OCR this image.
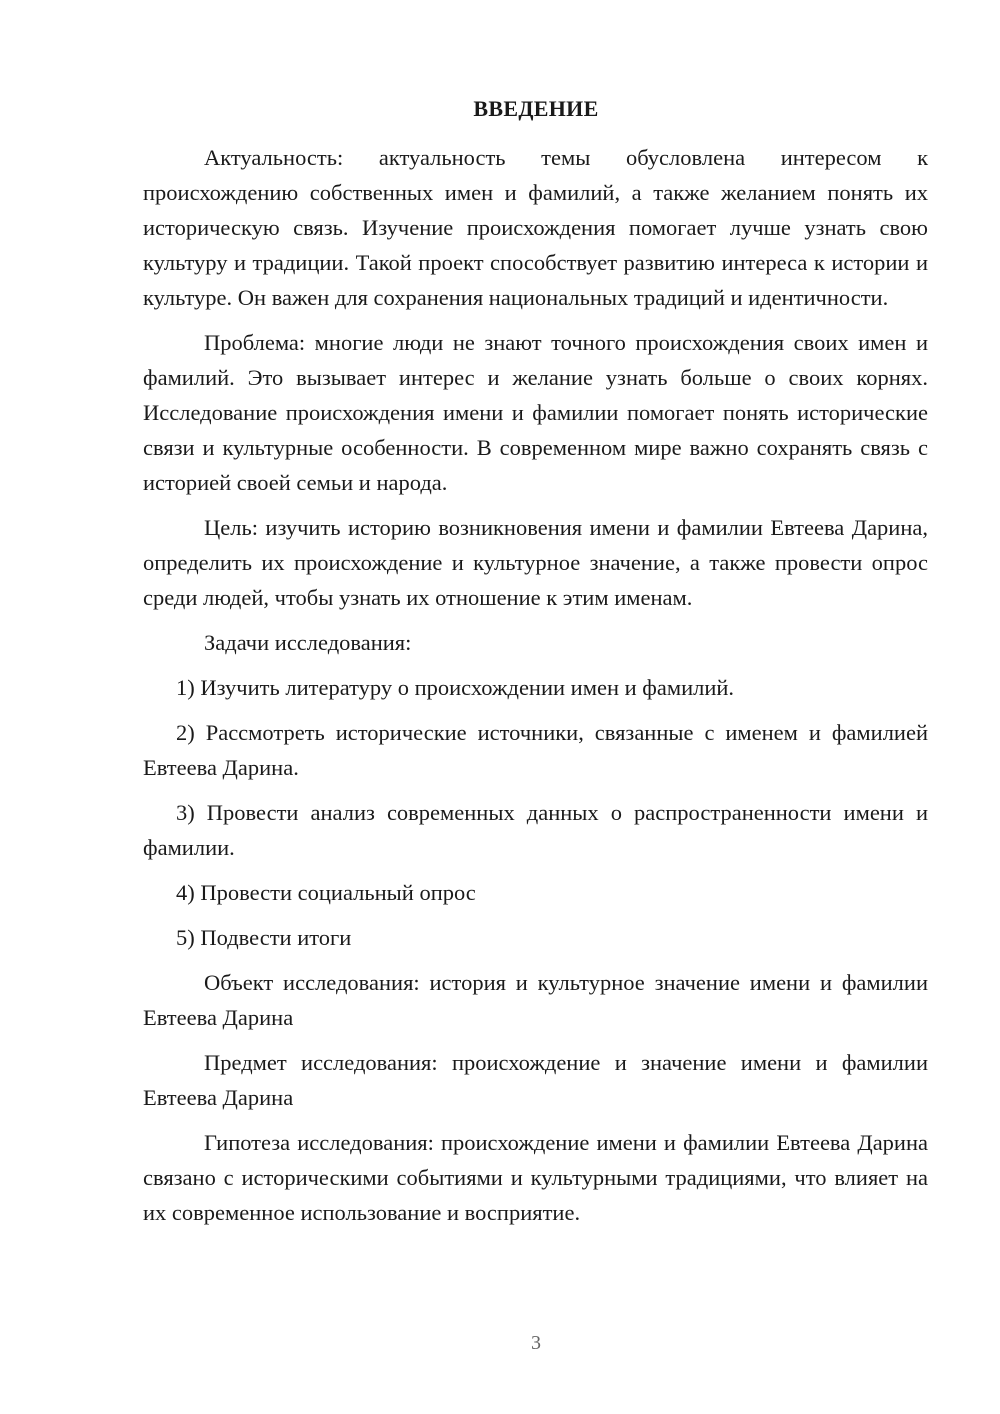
ВВЕДЕНИЕ

Актуальность: актуальность темы обусловлена интересом к происхождению собственных имен и фамилий, а также желанием понять их историческую связь. Изучение происхождения помогает лучше узнать свою культуру и традиции. Такой проект способствует развитию интереса к истории и культуре. Он важен для сохранения национальных традиций и идентичности.

Проблема: многие люди не знают точного происхождения своих имен и фамилий. Это вызывает интерес и желание узнать больше о своих корнях. Исследование происхождения имени и фамилии помогает понять исторические связи и культурные особенности. В современном мире важно сохранять связь с историей своей семьи и народа.

Цель: изучить историю возникновения имени и фамилии Евтеева Дарина, определить их происхождение и культурное значение, а также провести опрос среди людей, чтобы узнать их отношение к этим именам.

Задачи исследования:

1) Изучить литературу о происхождении имен и фамилий.

2) Рассмотреть исторические источники, связанные с именем и фамилией Евтеева Дарина.

3) Провести анализ современных данных о распространенности имени и фамилии.

4) Провести социальный опрос

5) Подвести итоги

Объект исследования: история и культурное значение имени и фамилии Евтеева Дарина

Предмет исследования: происхождение и значение имени и фамилии Евтеева Дарина

Гипотеза исследования: происхождение имени и фамилии Евтеева Дарина связано с историческими событиями и культурными традициями, что влияет на их современное использование и восприятие.

3
